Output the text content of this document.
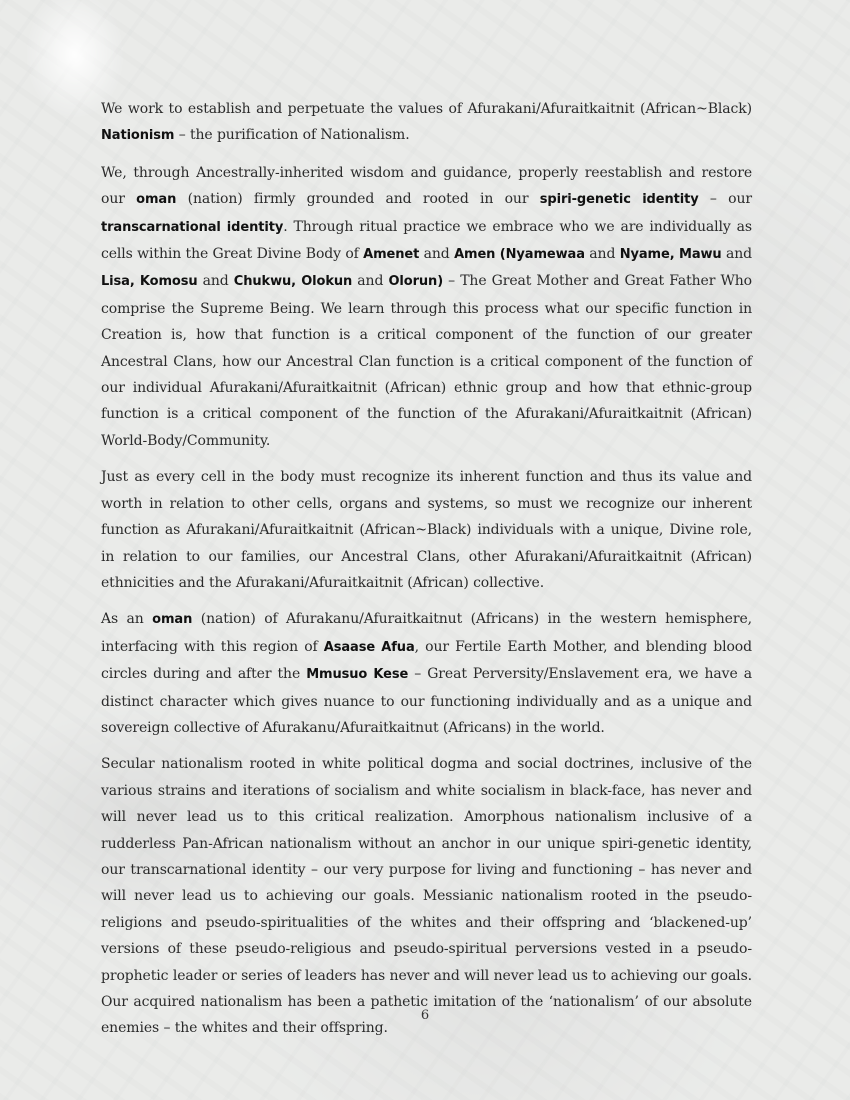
We work to establish and perpetuate the values of Afurakani/Afuraitkaitnit (African~Black) Nationism – the purification of Nationalism.

We, through Ancestrally-inherited wisdom and guidance, properly reestablish and restore our oman (nation) firmly grounded and rooted in our spiri-genetic identity – our transcarnational identity. Through ritual practice we embrace who we are individually as cells within the Great Divine Body of Amenet and Amen (Nyamewaa and Nyame, Mawu and Lisa, Komosu and Chukwu, Olokun and Olorun) – The Great Mother and Great Father Who comprise the Supreme Being. We learn through this process what our specific function in Creation is, how that function is a critical component of the function of our greater Ancestral Clans, how our Ancestral Clan function is a critical component of the function of our individual Afurakani/Afuraitkaitnit (African) ethnic group and how that ethnic-group function is a critical component of the function of the Afurakani/Afuraitkaitnit (African) World-Body/Community.

Just as every cell in the body must recognize its inherent function and thus its value and worth in relation to other cells, organs and systems, so must we recognize our inherent function as Afurakani/Afuraitkaitnit (African~Black) individuals with a unique, Divine role, in relation to our families, our Ancestral Clans, other Afurakani/Afuraitkaitnit (African) ethnicities and the Afurakani/Afuraitkaitnit (African) collective.

As an oman (nation) of Afurakanu/Afuraitkaitnut (Africans) in the western hemisphere, interfacing with this region of Asaase Afua, our Fertile Earth Mother, and blending blood circles during and after the Mmusuo Kese – Great Perversity/Enslavement era, we have a distinct character which gives nuance to our functioning individually and as a unique and sovereign collective of Afurakanu/Afuraitkaitnut (Africans) in the world.

Secular nationalism rooted in white political dogma and social doctrines, inclusive of the various strains and iterations of socialism and white socialism in black-face, has never and will never lead us to this critical realization. Amorphous nationalism inclusive of a rudderless Pan-African nationalism without an anchor in our unique spiri-genetic identity, our transcarnational identity – our very purpose for living and functioning – has never and will never lead us to achieving our goals. Messianic nationalism rooted in the pseudo-religions and pseudo-spiritualities of the whites and their offspring and ‘blackened-up’ versions of these pseudo-religious and pseudo-spiritual perversions vested in a pseudo-prophetic leader or series of leaders has never and will never lead us to achieving our goals. Our acquired nationalism has been a pathetic imitation of the ‘nationalism’ of our absolute enemies – the whites and their offspring.

6
